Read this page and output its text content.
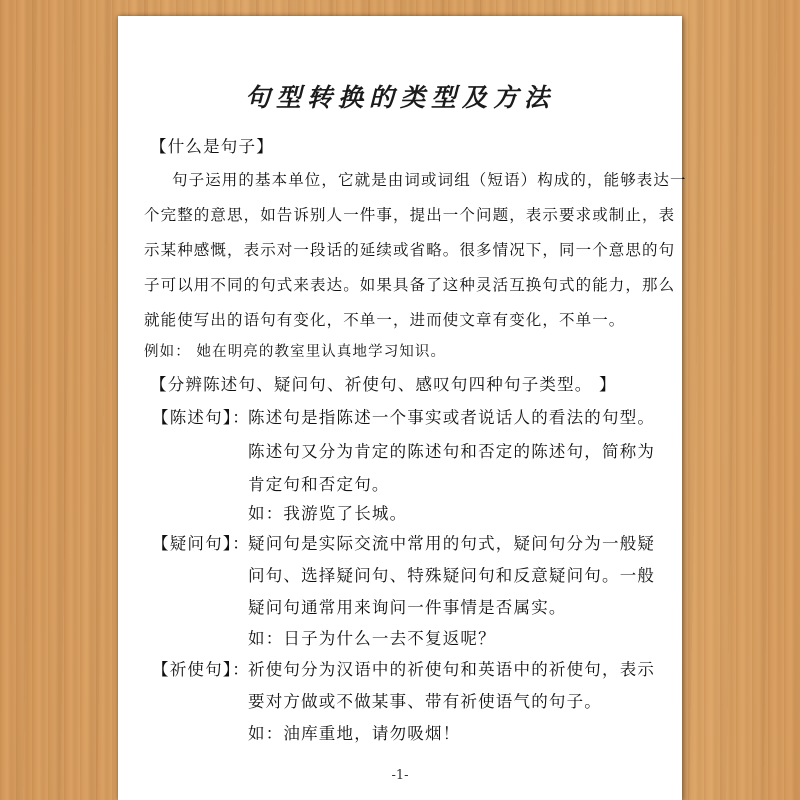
句型转换的类型及方法
【什么是句子】
句子运用的基本单位，它就是由词或词组（短语）构成的，能够表达一
个完整的意思，如告诉别人一件事，提出一个问题，表示要求或制止，表
示某种感慨，表示对一段话的延续或省略。很多情况下，同一个意思的句
子可以用不同的句式来表达。如果具备了这种灵活互换句式的能力，那么
就能使写出的语句有变化，不单一，进而使文章有变化，不单一。
例如： 她在明亮的教室里认真地学习知识。
【分辨陈述句、疑问句、祈使句、感叹句四种句子类型。 】
【陈述句】：
陈述句是指陈述一个事实或者说话人的看法的句型。
陈述句又分为肯定的陈述句和否定的陈述句，简称为
肯定句和否定句。
如：我游览了长城。
【疑问句】：
疑问句是实际交流中常用的句式，疑问句分为一般疑
问句、选择疑问句、特殊疑问句和反意疑问句。一般
疑问句通常用来询问一件事情是否属实。
如：日子为什么一去不复返呢？
【祈使句】：
祈使句分为汉语中的祈使句和英语中的祈使句，表示
要对方做或不做某事、带有祈使语气的句子。
如：油库重地，请勿吸烟！
-1-
